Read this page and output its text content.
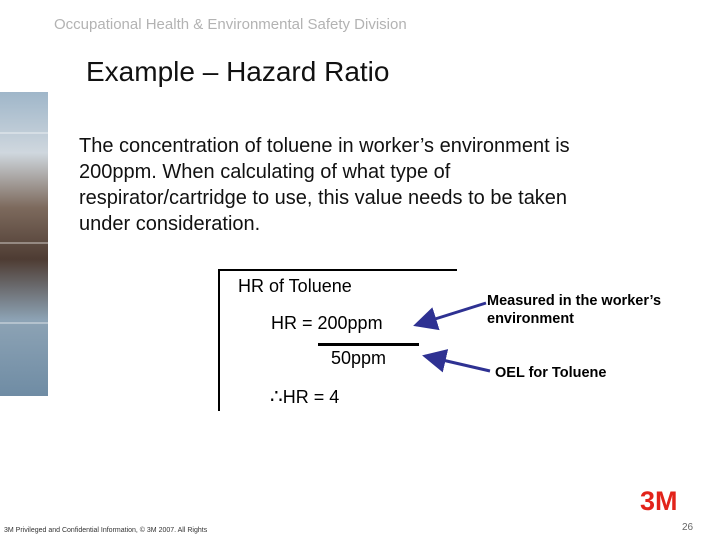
Occupational Health & Environmental Safety Division
Example – Hazard Ratio
The concentration of toluene in worker’s environment is 200ppm. When calculating of what type of respirator/cartridge to use, this value needs to be taken under consideration.
HR of Toluene
HR = 200ppm
50ppm
∴HR = 4
Measured in the worker’s environment
OEL for Toluene
3M
3M Privileged and Confidential Information, © 3M 2007. All Rights	26
